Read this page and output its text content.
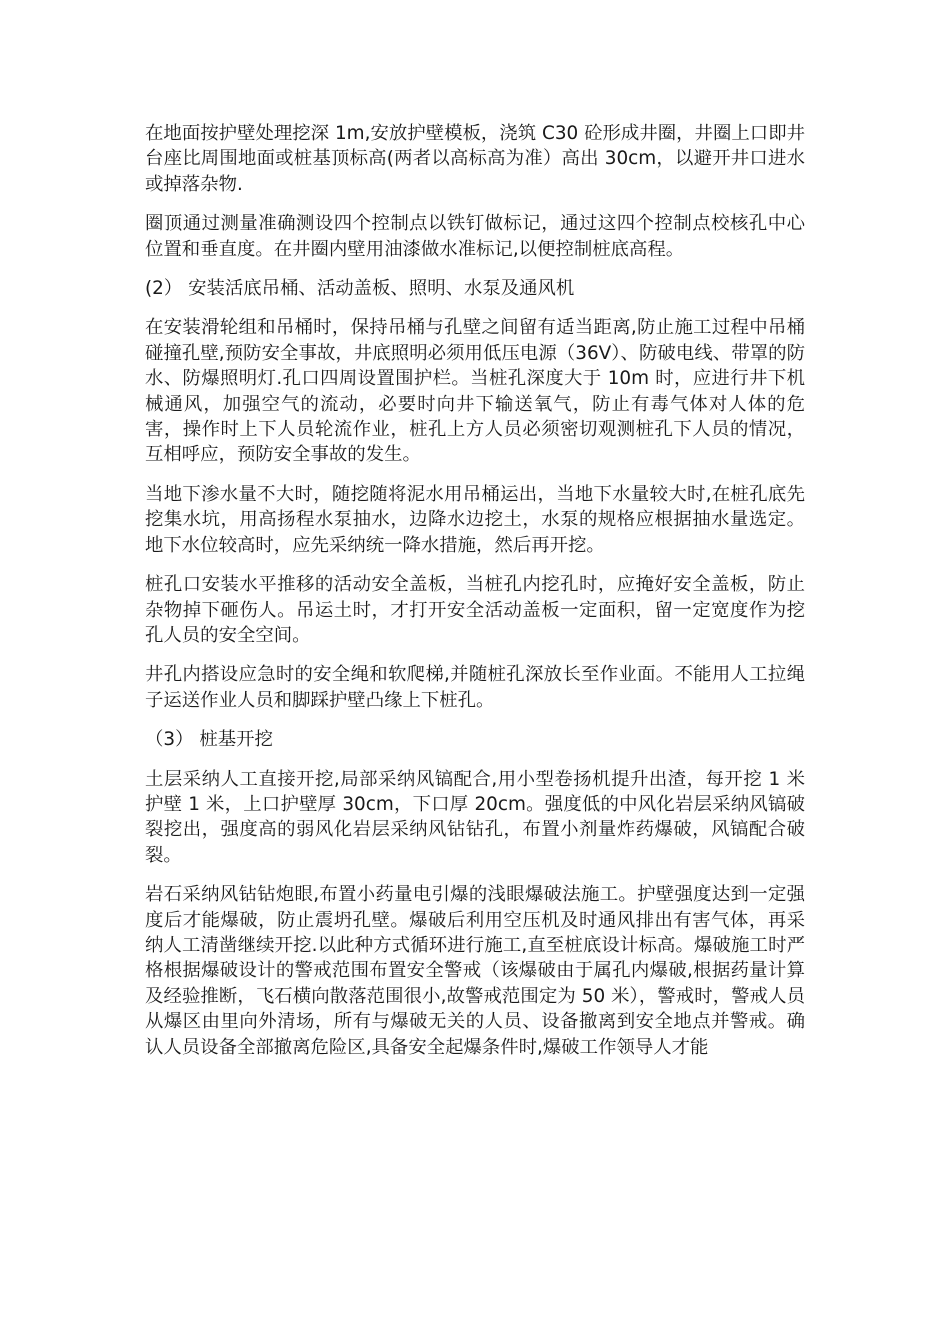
在地面按护壁处理挖深 1m,安放护壁模板，浇筑 C30 砼形成井圈，井圈上口即井台座比周围地面或桩基顶标高(两者以高标高为准）高出 30cm，以避开井口进水或掉落杂物.

圈顶通过测量准确测设四个控制点以铁钉做标记，通过这四个控制点校核孔中心位置和垂直度。在井圈内壁用油漆做水准标记,以便控制桩底高程。

(2） 安装活底吊桶、活动盖板、照明、水泵及通风机

在安装滑轮组和吊桶时，保持吊桶与孔壁之间留有适当距离,防止施工过程中吊桶碰撞孔壁,预防安全事故，井底照明必须用低压电源（36V）、防破电线、带罩的防水、防爆照明灯.孔口四周设置围护栏。当桩孔深度大于 10m 时，应进行井下机械通风，加强空气的流动，必要时向井下输送氧气，防止有毒气体对人体的危害，操作时上下人员轮流作业，桩孔上方人员必须密切观测桩孔下人员的情况，互相呼应，预防安全事故的发生。

当地下渗水量不大时，随挖随将泥水用吊桶运出，当地下水量较大时,在桩孔底先挖集水坑，用高扬程水泵抽水，边降水边挖土，水泵的规格应根据抽水量选定。地下水位较高时，应先采纳统一降水措施，然后再开挖。

桩孔口安装水平推移的活动安全盖板，当桩孔内挖孔时，应掩好安全盖板，防止杂物掉下砸伤人。吊运土时，才打开安全活动盖板一定面积，留一定宽度作为挖孔人员的安全空间。

井孔内搭设应急时的安全绳和软爬梯,并随桩孔深放长至作业面。不能用人工拉绳子运送作业人员和脚踩护壁凸缘上下桩孔。

（3） 桩基开挖

土层采纳人工直接开挖,局部采纳风镐配合,用小型卷扬机提升出渣，每开挖 1 米护壁 1 米，上口护壁厚 30cm，下口厚 20cm。强度低的中风化岩层采纳风镐破裂挖出，强度高的弱风化岩层采纳风钻钻孔，布置小剂量炸药爆破，风镐配合破裂。

岩石采纳风钻钻炮眼,布置小药量电引爆的浅眼爆破法施工。护壁强度达到一定强度后才能爆破，防止震坍孔壁。爆破后利用空压机及时通风排出有害气体，再采纳人工清凿继续开挖.以此种方式循环进行施工,直至桩底设计标高。爆破施工时严格根据爆破设计的警戒范围布置安全警戒（该爆破由于属孔内爆破,根据药量计算及经验推断，飞石横向散落范围很小,故警戒范围定为 50 米），警戒时，警戒人员从爆区由里向外清场，所有与爆破无关的人员、设备撤离到安全地点并警戒。确认人员设备全部撤离危险区,具备安全起爆条件时,爆破工作领导人才能
